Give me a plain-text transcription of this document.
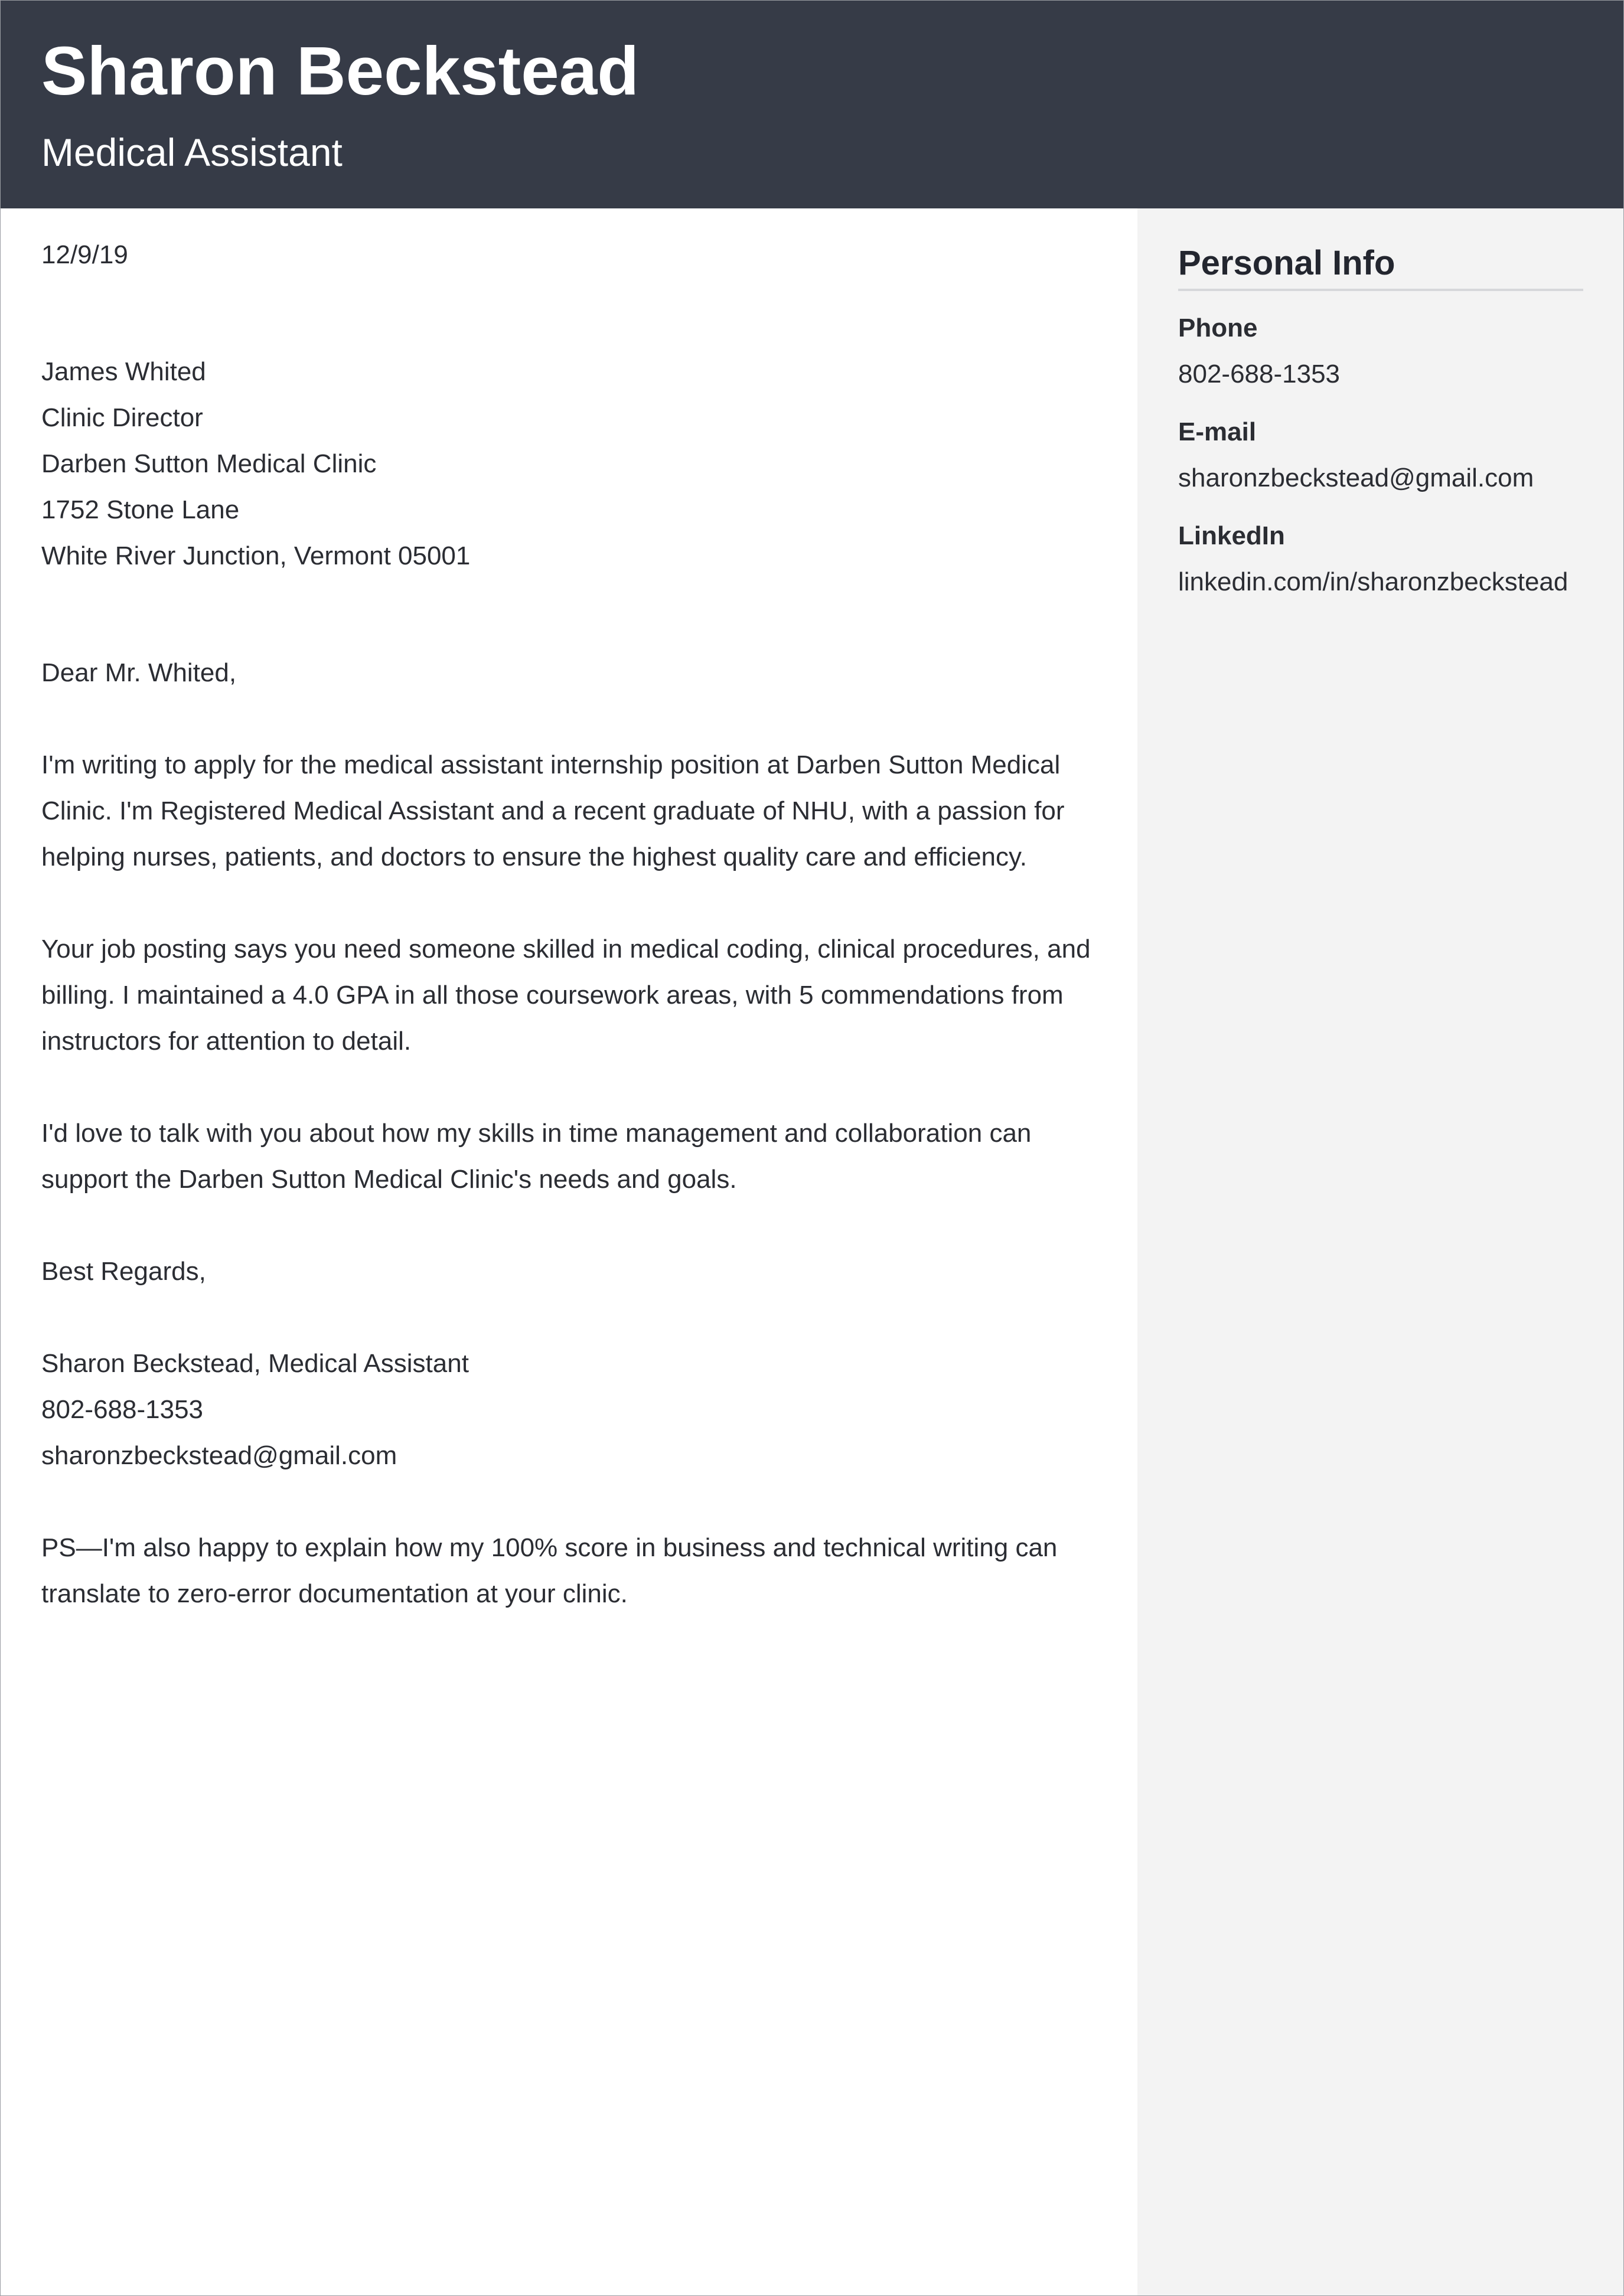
Sharon Beckstead
Medical Assistant

12/9/19

James Whited

Clinic Director

Darben Sutton Medical Clinic

1752 Stone Lane

White River Junction, Vermont 05001

Dear Mr. Whited,

I'm writing to apply for the medical assistant internship position at Darben Sutton Medical Clinic. I'm Registered Medical Assistant and a recent graduate of NHU, with a passion for helping nurses, patients, and doctors to ensure the highest quality care and efficiency.

Your job posting says you need someone skilled in medical coding, clinical procedures, and billing. I maintained a 4.0 GPA in all those coursework areas, with 5 commendations from instructors for attention to detail.

I'd love to talk with you about how my skills in time management and collaboration can support the Darben Sutton Medical Clinic's needs and goals.

Best Regards,

Sharon Beckstead, Medical Assistant

802-688-1353

sharonzbeckstead@gmail.com

PS—I'm also happy to explain how my 100% score in business and technical writing can translate to zero-error documentation at your clinic.

Personal Info
Phone
802-688-1353
E-mail
sharonzbeckstead@gmail.com
LinkedIn
linkedin.com/in/sharonzbeckstead
